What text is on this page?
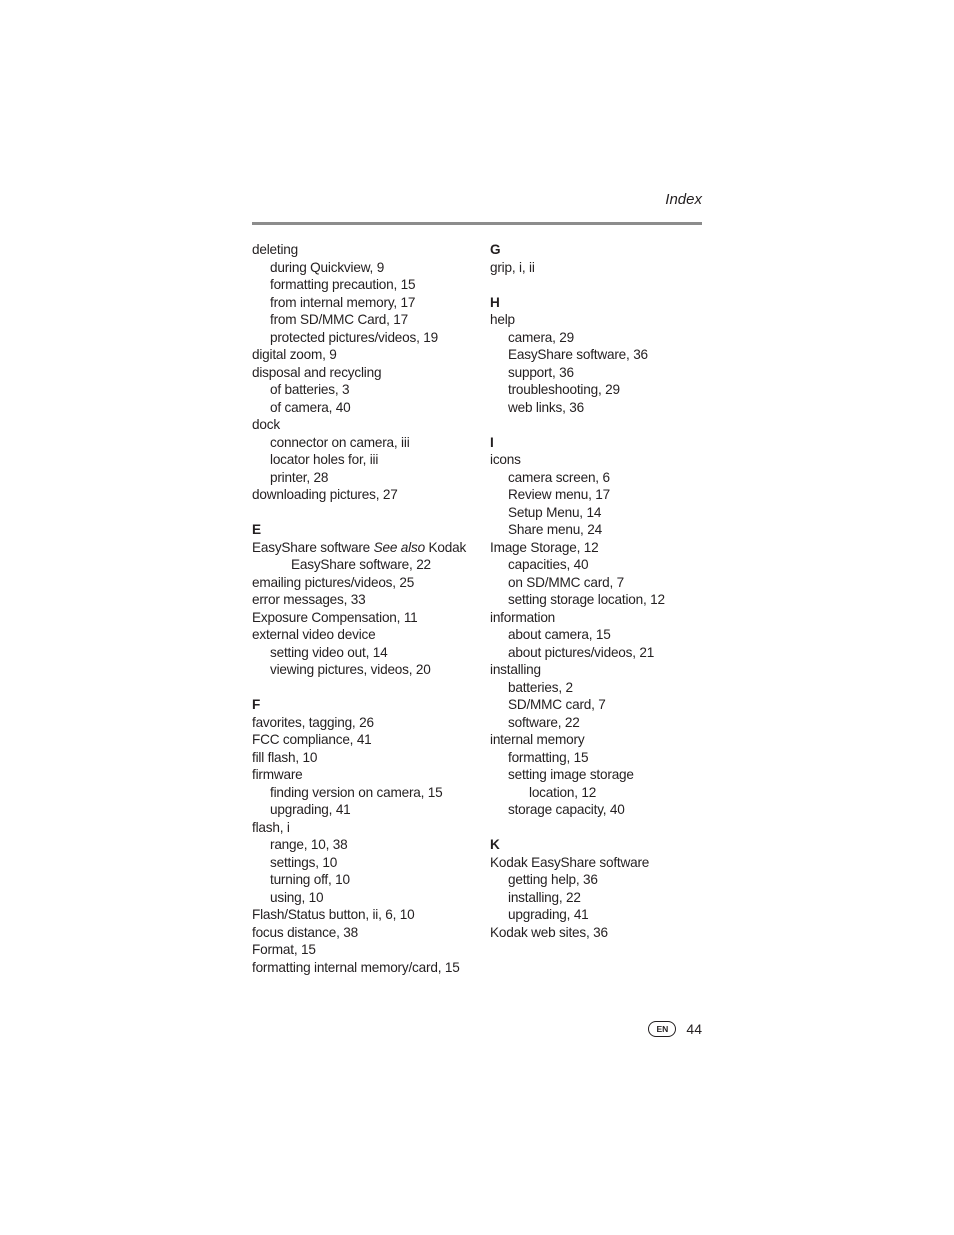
Index
deleting
during Quickview, 9
formatting precaution, 15
from internal memory, 17
from SD/MMC Card, 17
protected pictures/videos, 19
digital zoom, 9
disposal and recycling
of batteries, 3
of camera, 40
dock
connector on camera, iii
locator holes for, iii
printer, 28
downloading pictures, 27
E
EasyShare software See also Kodak
EasyShare software, 22
emailing pictures/videos, 25
error messages, 33
Exposure Compensation, 11
external video device
setting video out, 14
viewing pictures, videos, 20
F
favorites, tagging, 26
FCC compliance, 41
fill flash, 10
firmware
finding version on camera, 15
upgrading, 41
flash, i
range, 10, 38
settings, 10
turning off, 10
using, 10
Flash/Status button, ii, 6, 10
focus distance, 38
Format, 15
formatting internal memory/card, 15
G
grip, i, ii
H
help
camera, 29
EasyShare software, 36
support, 36
troubleshooting, 29
web links, 36
I
icons
camera screen, 6
Review menu, 17
Setup Menu, 14
Share menu, 24
Image Storage, 12
capacities, 40
on SD/MMC card, 7
setting storage location, 12
information
about camera, 15
about pictures/videos, 21
installing
batteries, 2
SD/MMC card, 7
software, 22
internal memory
formatting, 15
setting image storage
location, 12
storage capacity, 40
K
Kodak EasyShare software
getting help, 36
installing, 22
upgrading, 41
Kodak web sites, 36
EN	44
